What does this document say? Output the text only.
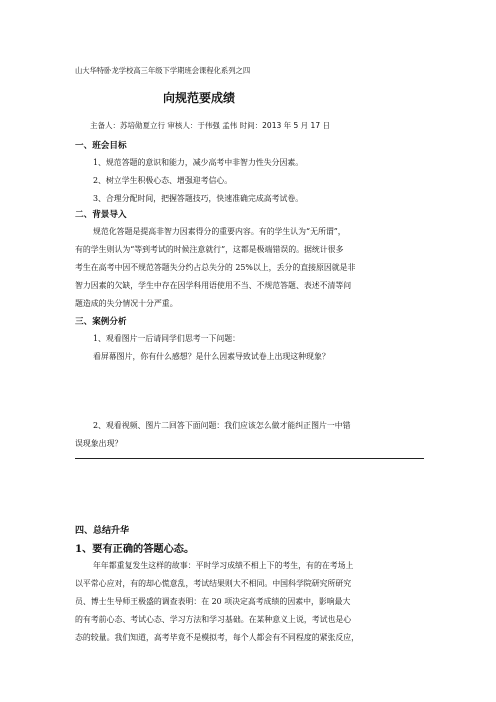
山大华特卧龙学校高三年级下学期班会课程化系列之四
向规范要成绩
主备人：苏培勋夏立行 审核人：于伟强 孟伟 时间：2013 年 5 月 17 日
一、班会目标
1、规范答题的意识和能力，减少高考中非智力性失分因素。
2、树立学生积极心态、增强迎考信心。
3、合理分配时间，把握答题技巧，快速准确完成高考试卷。
二、背景导入
规范化答题是提高非智力因素得分的重要内容。有的学生认为“无所谓”，
有的学生则认为“等到考试的时候注意就行”，这都是极端错误的。据统计很多
考生在高考中因不规范答题失分约占总失分的 25%以上，丢分的直接原因就是非
智力因素的欠缺，学生中存在因学科用语使用不当、不规范答题、表述不清等问
题造成的失分情况十分严重。
三、案例分析
1、观看图片一后请同学们思考一下问题：
看屏幕图片，你有什么感想？是什么因素导致试卷上出现这种现象？
2、观看视频、图片二回答下面问题：我们应该怎么做才能纠正图片一中错
误现象出现？
四、总结升华
1、要有正确的答题心态。
年年都重复发生这样的故事：平时学习成绩不相上下的考生，有的在考场上
以平常心应对，有的却心慌意乱，考试结果则大不相同。中国科学院研究所研究
员、博士生导师王极盛的调查表明：在 20 项决定高考成绩的因素中，影响最大
的有考前心态、考试心态、学习方法和学习基础。在某种意义上说，考试也是心
态的较量。我们知道，高考毕竟不是模拟考，每个人都会有不同程度的紧张反应，
